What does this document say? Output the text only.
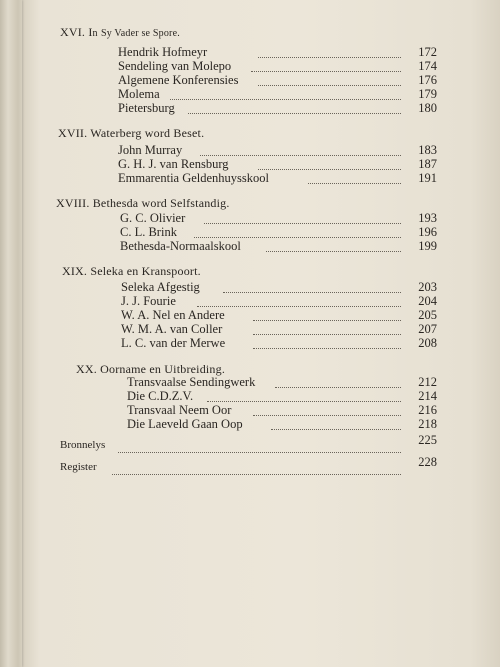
XVI. In Sy Vader se Spore.
Hendrik Hofmeyr	172
Sendeling van Molepo	174
Algemene Konferensies	176
Molema	179
Pietersburg	180
XVII. Waterberg word Beset.
John Murray	183
G. H. J. van Rensburg	187
Emmarentia Geldenhuysskool	191
XVIII. Bethesda word Selfstandig.
G. C. Olivier	193
C. L. Brink	196
Bethesda-Normaalskool	199
XIX. Seleka en Kranspoort.
Seleka Afgestig	203
J. J. Fourie	204
W. A. Nel en Andere	205
W. M. A. van Coller	207
L. C. van der Merwe	208
XX. Oorname en Uitbreiding.
Transvaalse Sendingwerk	212
Die C.D.Z.V.	214
Transvaal Neem Oor	216
Die Laeveld Gaan Oop	218
Bronnelys	225
Register	228
